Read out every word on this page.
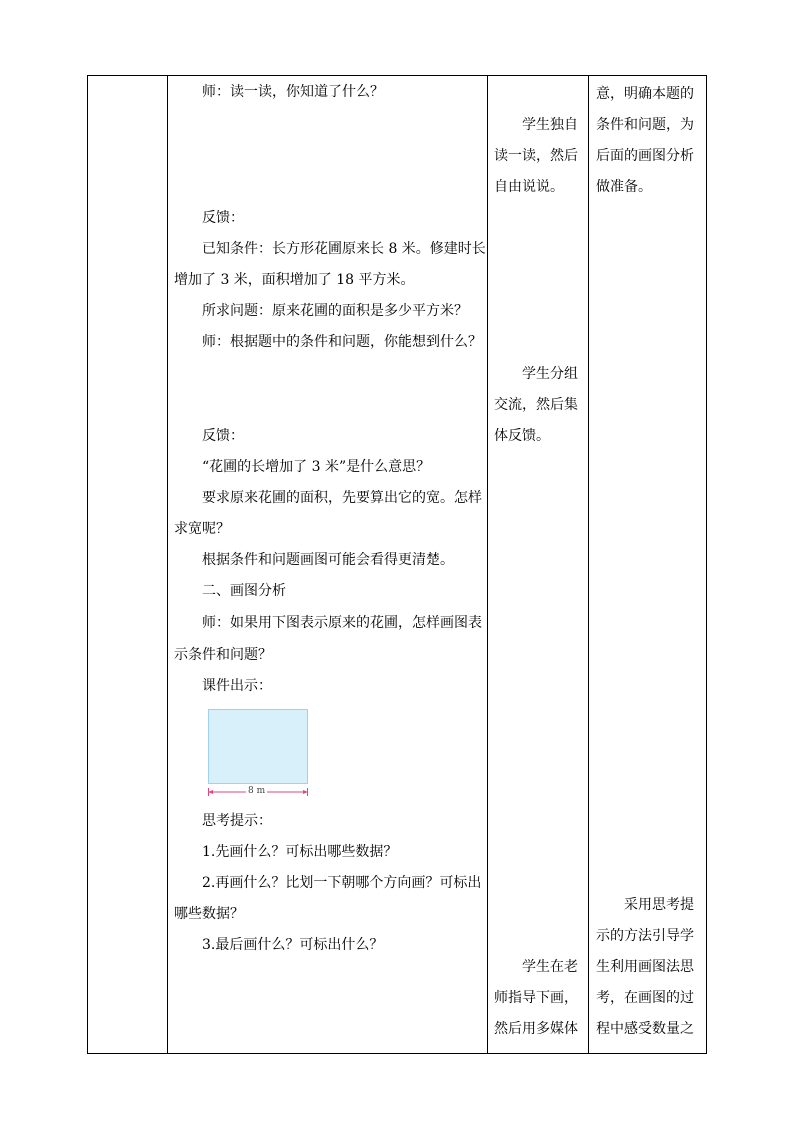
师：读一读，你知道了什么？
反馈：
已知条件：长方形花圃原来长 8 米。修建时长
增加了 3 米，面积增加了 18 平方米。
所求问题：原来花圃的面积是多少平方米？
师：根据题中的条件和问题，你能想到什么？
反馈：
“花圃的长增加了 3 米”是什么意思？
要求原来花圃的面积，先要算出它的宽。怎样
求宽呢？
根据条件和问题画图可能会看得更清楚。
二、画图分析
师：如果用下图表示原来的花圃，怎样画图表
示条件和问题？
课件出示：
8 m
思考提示：
1.先画什么？可标出哪些数据？
2.再画什么？比划一下朝哪个方向画？可标出
哪些数据？
3.最后画什么？可标出什么？
学生独自
读一读，然后
自由说说。
学生分组
交流，然后集
体反馈。
学生在老
师指导下画，
然后用多媒体
意，明确本题的
条件和问题，为
后面的画图分析
做准备。
采用思考提
示的方法引导学
生利用画图法思
考，在画图的过
程中感受数量之
